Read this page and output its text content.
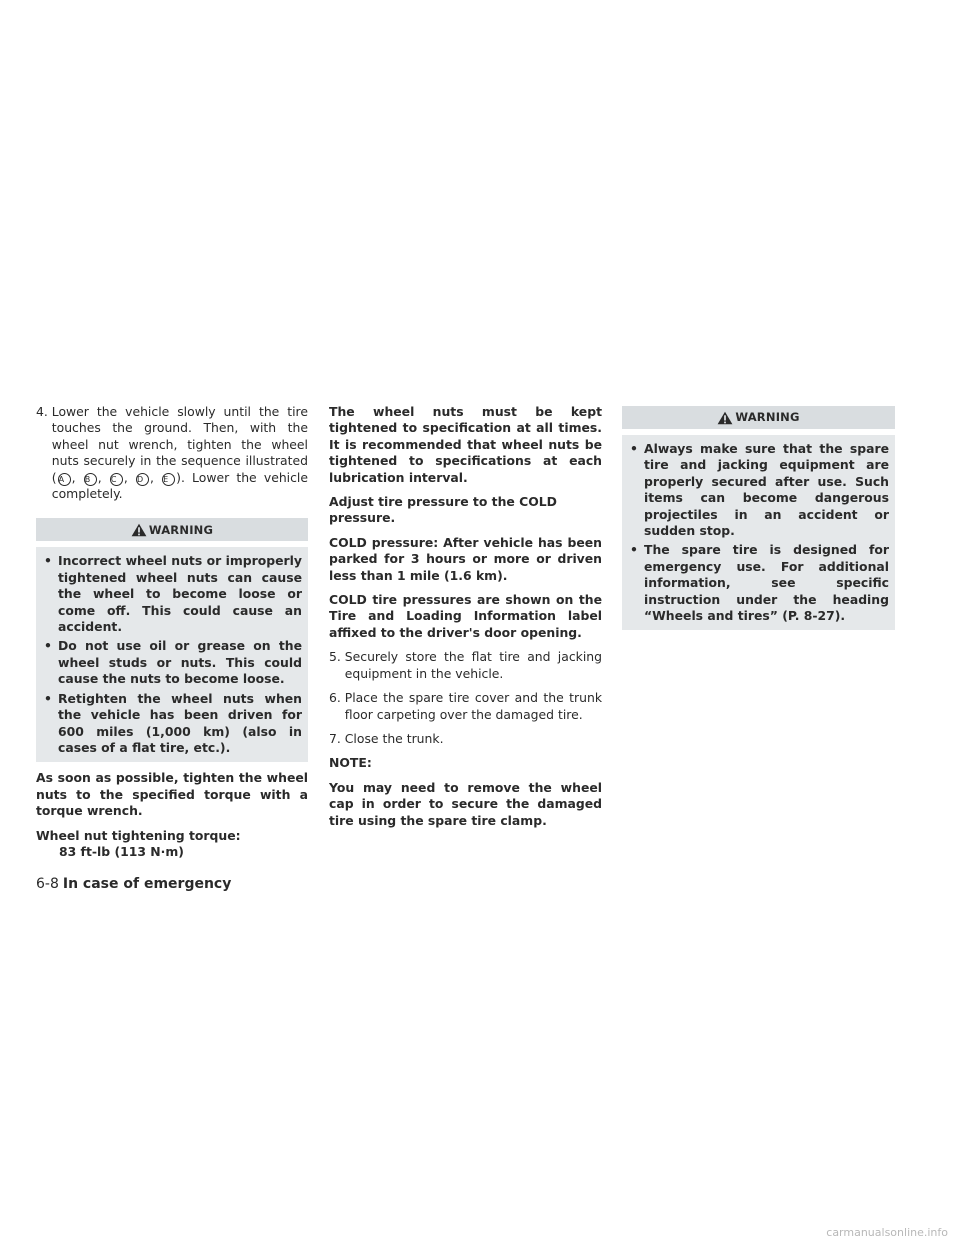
4. Lower the vehicle slowly until the tire touches the ground. Then, with the wheel nut wrench, tighten the wheel nuts securely in the sequence illustrated ( A , B , C , D , E ). Lower the vehicle completely.
WARNING
• Incorrect wheel nuts or improperly tightened wheel nuts can cause the wheel to become loose or come off. This could cause an accident.
• Do not use oil or grease on the wheel studs or nuts. This could cause the nuts to become loose.
• Retighten the wheel nuts when the vehicle has been driven for 600 miles (1,000 km) (also in cases of a flat tire, etc.).
As soon as possible, tighten the wheel nuts to the specified torque with a torque wrench.
Wheel nut tightening torque:
83 ft-lb (113 N·m)
The wheel nuts must be kept tightened to specification at all times. It is recommended that wheel nuts be tightened to specifications at each lubrication interval.
Adjust tire pressure to the COLD pressure.
COLD pressure: After vehicle has been parked for 3 hours or more or driven less than 1 mile (1.6 km).
COLD tire pressures are shown on the Tire and Loading Information label affixed to the driver's door opening.
5. Securely store the flat tire and jacking equipment in the vehicle.
6. Place the spare tire cover and the trunk floor carpeting over the damaged tire.
7. Close the trunk.
NOTE:
You may need to remove the wheel cap in order to secure the damaged tire using the spare tire clamp.
WARNING
• Always make sure that the spare tire and jacking equipment are properly secured after use. Such items can become dangerous projectiles in an accident or sudden stop.
• The spare tire is designed for emergency use. For additional information, see specific instruction under the heading “Wheels and tires” (P. 8-27).
6-8 In case of emergency
carmanualsonline.info
